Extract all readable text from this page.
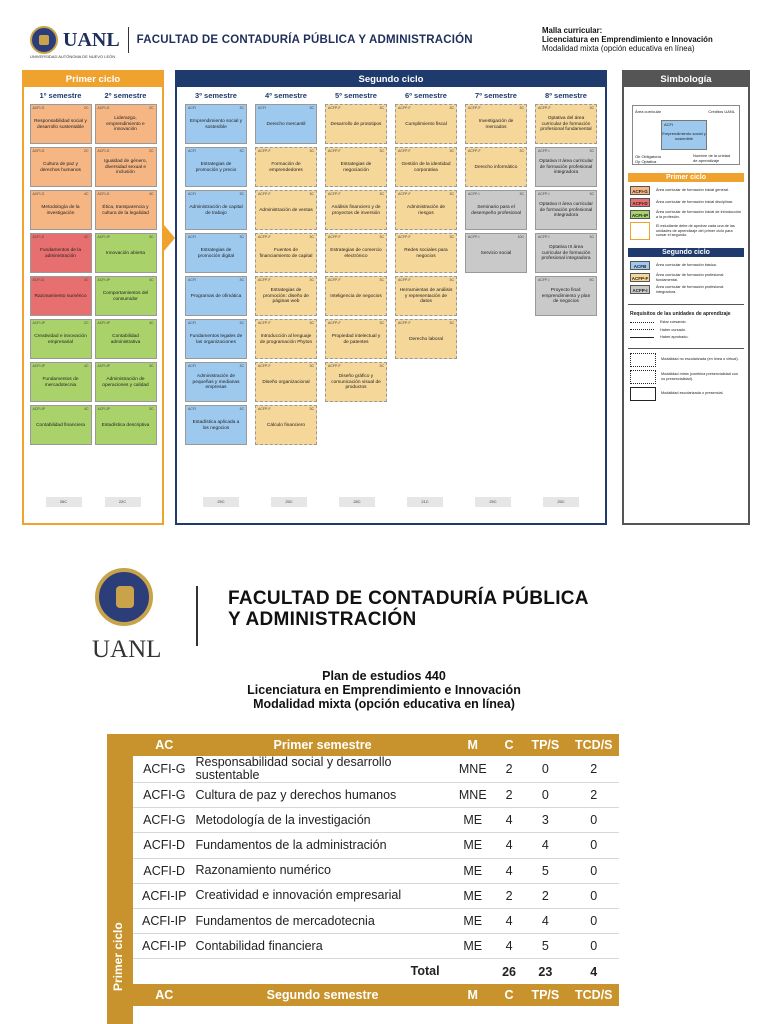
UANL FACULTAD DE CONTADURÍA PÚBLICA Y ADMINISTRACIÓN
UNIVERSIDAD AUTÓNOMA DE NUEVO LEÓN
Malla curricular:
Licenciatura en Emprendimiento e Innovación
Modalidad mixta (opción educativa en línea)
Primer ciclo
1º semestre
ACFI-G	2C
Responsabilidad social y desarrollo sustentable
ACFI-G	2C
Cultura de paz y derechos humanos
ACFI-G	4C
Metodología de la investigación
ACFI-D	4C
Fundamentos de la administración
ACFI-D	4C
Razonamiento numérico
ACFI-IP	2C
Creatividad e innovación empresarial
ACFI-IP	4C
Fundamentos de mercadotecnia
ACFI-IP	4C
Contabilidad financiera
2º semestre
ACFI-G	2C
Liderazgo, emprendimiento e innovación
ACFI-G	2C
Igualdad de género, diversidad sexual e inclusión
ACFI-G	4C
Ética, transparencia y cultura de la legalidad
ACFI-IP	3C
Innovación abierta
ACFI-IP	3C
Comportamientos del consumidor
ACFI-IP	4C
Contabilidad administrativa
ACFI-IP	3C
Administración de operaciones y calidad
ACFI-IP	3C
Estadística descriptiva
26C	22C
Segundo ciclo
3º semestre
ACFI	3C
Emprendimiento social y sostenible
ACFI	3C
Estrategias de promoción y precio
ACFI	3C
Administración de capital de trabajo
ACFI	3C
Estrategias de promoción digital
ACFI	3C
Programas de ofimática
ACFI	3C
Fundamentos legales de las organizaciones
ACFI	3C
Administración de pequeñas y medianas empresas
ACFI	3C
Estadística aplicada a los negocios
4º semestre
ACFI	3C
Derecho mercantil
ACFP-F	3C
Formación de emprendedores
ACFP-F	3C
Administración de ventas
ACFP-F	3C
Fuentes de financiamiento de capital
ACFP-F	3C
Estrategias de promoción: diseño de páginas web
ACFP-F	3C
Introducción al lenguaje de programación Phyton
ACFP-F	3C
Diseño organizacional
ACFP-F	3C
Cálculo financiero
5º semestre
ACFP-F	3C
Desarrollo de prototipos
ACFP-F	3C
Estrategias de negociación
ACFP-F	3C
Análisis financiero y de proyectos de inversión
ACFP-F	3C
Estrategias de comercio electrónico
ACFP-F	3C
Inteligencia de negocios
ACFP-F	3C
Propiedad intelectual y de patentes
ACFP-F	3C
Diseño gráfico y comunicación visual de productos
6º semestre
ACFP-F	3C
Cumplimiento fiscal
ACFP-F	3C
Gestión de la identidad corporativa
ACFP-F	3C
Administración de riesgos
ACFP-F	3C
Redes sociales para negocios
ACFP-F	3C
Herramientas de análisis y representación de datos
ACFP-F	3C
Derecho laboral
7º semestre
ACFP-F	3C
Investigación de mercados
ACFP-F	3C
Derecho informático
ACFP-I	3C
Seminario para el desempeño profesional
ACFP-I	10C
Servicio social
8º semestre
ACFP-F	3C
Optativa del área curricular de formación profesional fundamental
ACFP-I	3C
Optativa II área curricular de formación profesional integradora
ACFP-I	3C
Optativa II área curricular de formación profesional integradora
ACFP-I	3C
Optativa III área curricular de formación profesional integradora
ACFP-I	5C
Proyecto final: emprendimiento y plan de negocios
25C	25C	28C	21C	25C	25C
Simbología
Área curricular	Créditos UANL
ACFI
Emprendimiento social y sostenible
Ob Obligatoria
Op Optativa
Nombre de la unidad de aprendizaje
Primer ciclo
ACFI-G	Área curricular de formación inicial general.
ACFI-D	Área curricular de formación inicial disciplinar.
ACFI-IP
Área curricular de formación inicial de introducción a la profesión.
El estudiante debe de aprobar cada una de las unidades de aprendizaje del primer ciclo para cursar el segundo.
Segundo ciclo
ACFB	Área curricular de formación básica.
ACFP-F
Área curricular de formación profesional fundamental.
ACFP-I
Área curricular de formación profesional integradora.
Requisitos de las unidades de aprendizaje
Estar cursando.
Haber cursado.
Haber aprobado.
Modalidad no escolarizada (en línea o virtual).
Modalidad mixta (combina presencialidad con no presencialidad).
Modalidad escolarizada o presencial.
UANL
FACULTAD DE CONTADURÍA PÚBLICA
Y ADMINISTRACIÓN
Plan de estudios 440
Licenciatura en Emprendimiento e Innovación
Modalidad mixta (opción educativa en línea)
AC	Primer semestre	M	C	TP/S	TCD/S
ACFI-G	Responsabilidad social y desarrollo sustentable	MNE	2	0	2
ACFI-G	Cultura de paz y derechos humanos	MNE	2	0	2
ACFI-G	Metodología de la investigación	ME	4	3	0
ACFI-D	Fundamentos de la administración	ME	4	4	0
ACFI-D	Razonamiento numérico	ME	4	5	0
ACFI-IP	Creatividad e innovación empresarial	ME	2	2	0
ACFI-IP	Fundamentos de mercadotecnia	ME	4	4	0
ACFI-IP	Contabilidad financiera	ME	4	5	0
	Total		26	23	4
AC	Segundo semestre	M	C	TP/S	TCD/S
